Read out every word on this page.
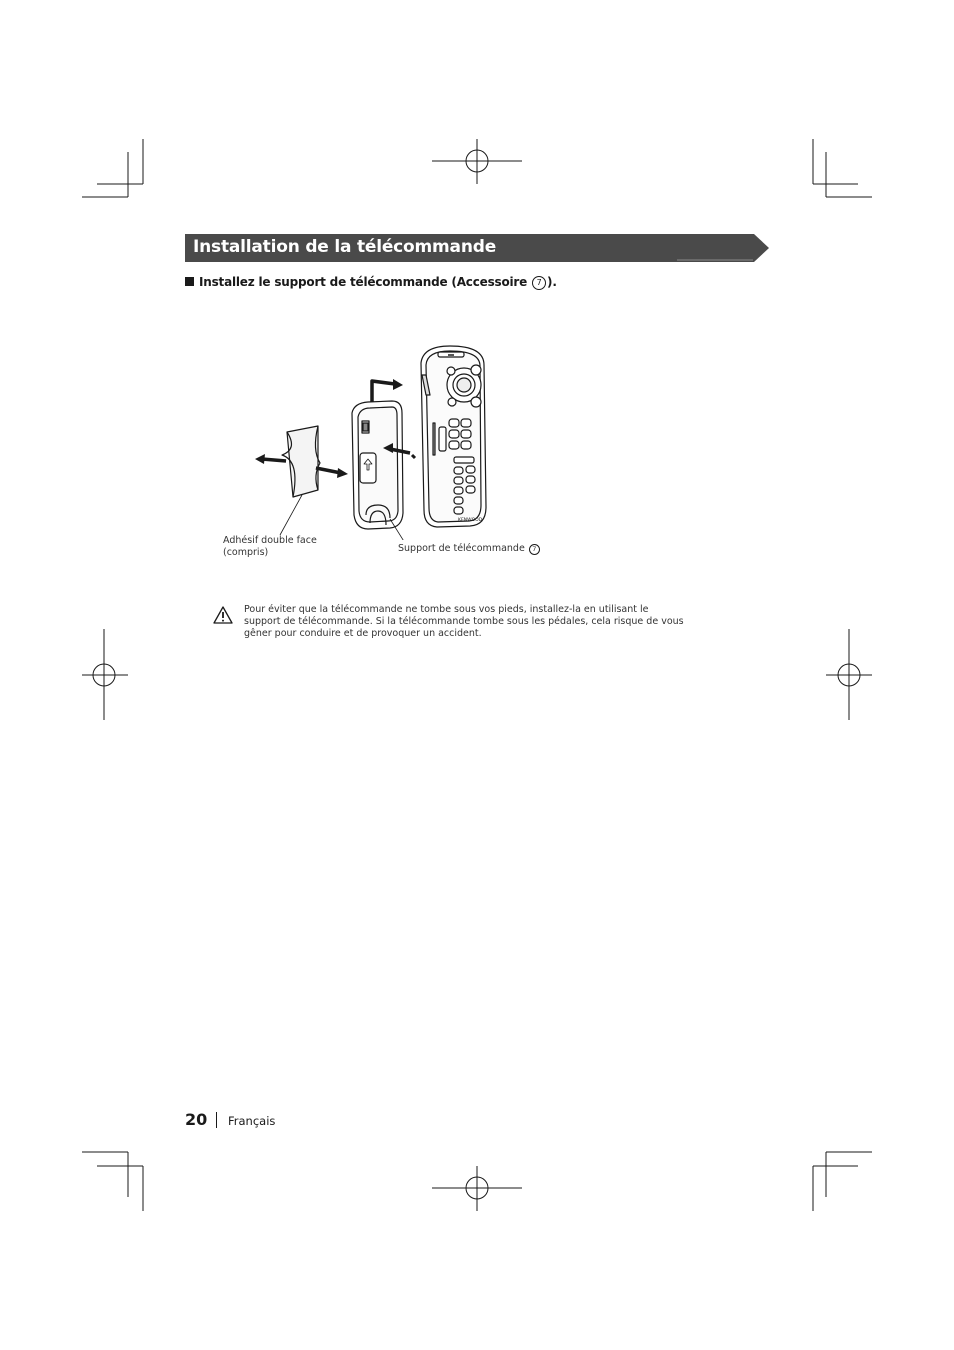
Installation de la télécommande
Installez le support de télécommande (Accessoire 7 ).
KENWOOD
Adhésif double face
(compris)	Support de télécommande 7
Pour éviter que la télécommande ne tombe sous vos pieds, installez-la en utilisant le support de télécommande. Si la télécommande tombe sous les pédales, cela risque de vous gêner pour conduire et de provoquer un accident.
20 Français
